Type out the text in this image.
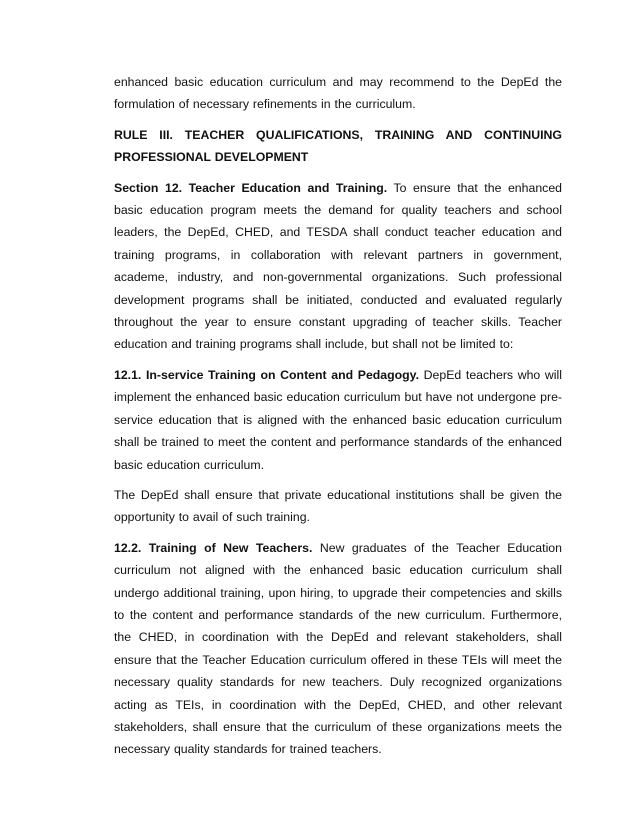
enhanced basic education curriculum and may recommend to the DepEd the formulation of necessary refinements in the curriculum.

RULE III. TEACHER QUALIFICATIONS, TRAINING AND CONTINUING PROFESSIONAL DEVELOPMENT

Section 12. Teacher Education and Training. To ensure that the enhanced basic education program meets the demand for quality teachers and school leaders, the DepEd, CHED, and TESDA shall conduct teacher education and training programs, in collaboration with relevant partners in government, academe, industry, and non-governmental organizations. Such professional development programs shall be initiated, conducted and evaluated regularly throughout the year to ensure constant upgrading of teacher skills. Teacher education and training programs shall include, but shall not be limited to:

12.1. In-service Training on Content and Pedagogy. DepEd teachers who will implement the enhanced basic education curriculum but have not undergone pre-service education that is aligned with the enhanced basic education curriculum shall be trained to meet the content and performance standards of the enhanced basic education curriculum.

The DepEd shall ensure that private educational institutions shall be given the opportunity to avail of such training.

12.2. Training of New Teachers. New graduates of the Teacher Education curriculum not aligned with the enhanced basic education curriculum shall undergo additional training, upon hiring, to upgrade their competencies and skills to the content and performance standards of the new curriculum. Furthermore, the CHED, in coordination with the DepEd and relevant stakeholders, shall ensure that the Teacher Education curriculum offered in these TEIs will meet the necessary quality standards for new teachers. Duly recognized organizations acting as TEIs, in coordination with the DepEd, CHED, and other relevant stakeholders, shall ensure that the curriculum of these organizations meets the necessary quality standards for trained teachers.
